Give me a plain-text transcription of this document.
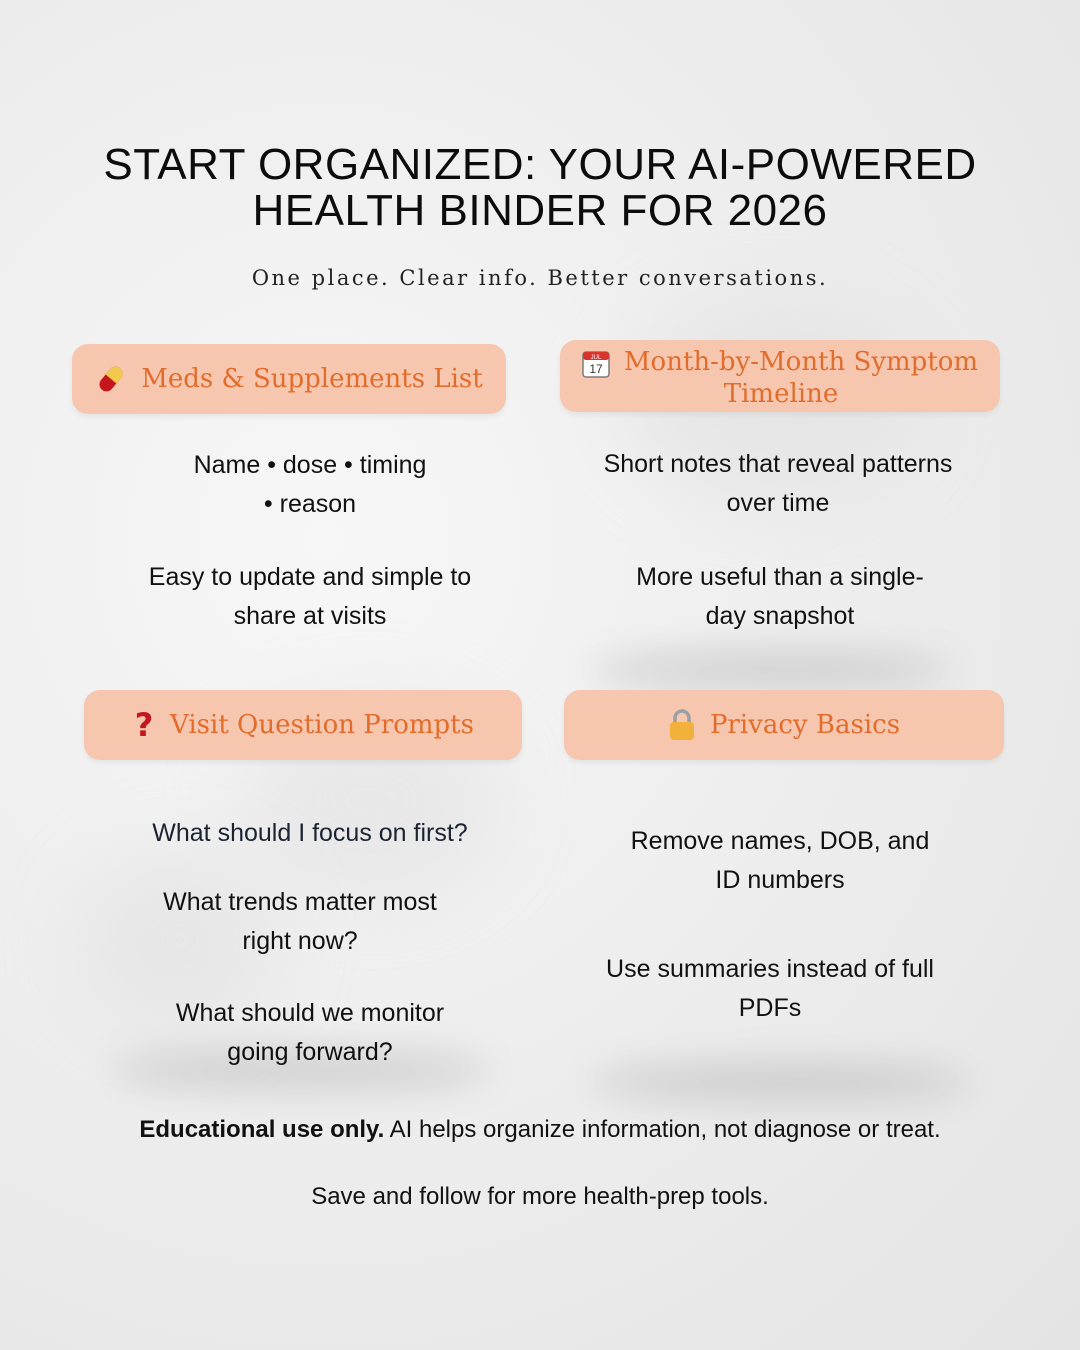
START ORGANIZED: YOUR AI-POWERED
HEALTH BINDER FOR 2026
One place. Clear info. Better conversations.
Meds & Supplements List
Name • dose • timing
• reason
Easy to update and simple to
share at visits
JUL
17 Month-by-Month Symptom
Timeline
Short notes that reveal patterns
over time
More useful than a single-
day snapshot
? Visit Question Prompts
What should I focus on first?
What trends matter most
right now?
What should we monitor
going forward?
Privacy Basics
Remove names, DOB, and
ID numbers
Use summaries instead of full
PDFs
Educational use only. AI helps organize information, not diagnose or treat.
Save and follow for more health-prep tools.
